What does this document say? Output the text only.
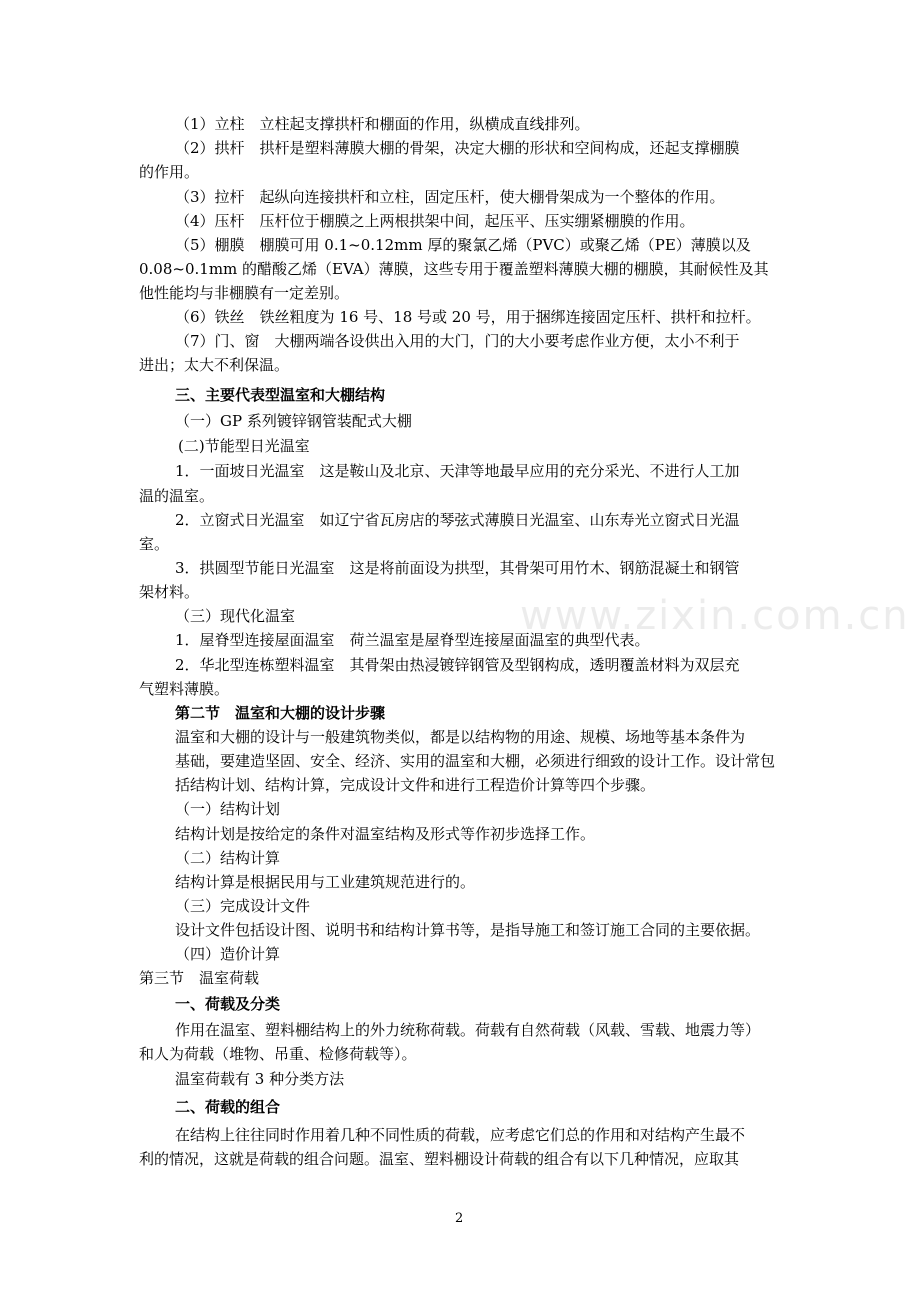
www.zixin.com.cn
（1）立柱　立柱起支撑拱杆和棚面的作用，纵横成直线排列。
（2）拱杆　拱杆是塑料薄膜大棚的骨架，决定大棚的形状和空间构成，还起支撑棚膜
的作用。
（3）拉杆　起纵向连接拱杆和立柱，固定压杆，使大棚骨架成为一个整体的作用。
（4）压杆　压杆位于棚膜之上两根拱架中间，起压平、压实绷紧棚膜的作用。
（5）棚膜　棚膜可用 0.1~0.12mm 厚的聚氯乙烯（PVC）或聚乙烯（PE）薄膜以及
0.08~0.1mm 的醋酸乙烯（EVA）薄膜，这些专用于覆盖塑料薄膜大棚的棚膜，其耐候性及其
他性能均与非棚膜有一定差别。
（6）铁丝　铁丝粗度为 16 号、18 号或 20 号，用于捆绑连接固定压杆、拱杆和拉杆。
（7）门、窗　大棚两端各设供出入用的大门，门的大小要考虑作业方便，太小不利于
进出；太大不利保温。
三、主要代表型温室和大棚结构
（一）GP 系列镀锌钢管装配式大棚
(二)节能型日光温室
1．一面坡日光温室　这是鞍山及北京、天津等地最早应用的充分采光、不进行人工加
温的温室。
2．立窗式日光温室　如辽宁省瓦房店的琴弦式薄膜日光温室、山东寿光立窗式日光温
室。
3．拱圆型节能日光温室　这是将前面设为拱型，其骨架可用竹木、钢筋混凝土和钢管
架材料。
（三）现代化温室
1．屋脊型连接屋面温室　荷兰温室是屋脊型连接屋面温室的典型代表。
2．华北型连栋塑料温室　其骨架由热浸镀锌钢管及型钢构成，透明覆盖材料为双层充
气塑料薄膜。
第二节　温室和大棚的设计步骤
温室和大棚的设计与一般建筑物类似，都是以结构物的用途、规模、场地等基本条件为
基础，要建造坚固、安全、经济、实用的温室和大棚，必须进行细致的设计工作。设计常包
括结构计划、结构计算，完成设计文件和进行工程造价计算等四个步骤。
（一）结构计划
结构计划是按给定的条件对温室结构及形式等作初步选择工作。
（二）结构计算
结构计算是根据民用与工业建筑规范进行的。
（三）完成设计文件
设计文件包括设计图、说明书和结构计算书等，是指导施工和签订施工合同的主要依据。
（四）造价计算
第三节　温室荷载
一、荷载及分类
作用在温室、塑料棚结构上的外力统称荷载。荷载有自然荷载（风载、雪载、地震力等）
和人为荷载（堆物、吊重、检修荷载等）。
温室荷载有 3 种分类方法
二、荷载的组合
在结构上往往同时作用着几种不同性质的荷载，应考虑它们总的作用和对结构产生最不
利的情况，这就是荷载的组合问题。温室、塑料棚设计荷载的组合有以下几种情况，应取其
2
